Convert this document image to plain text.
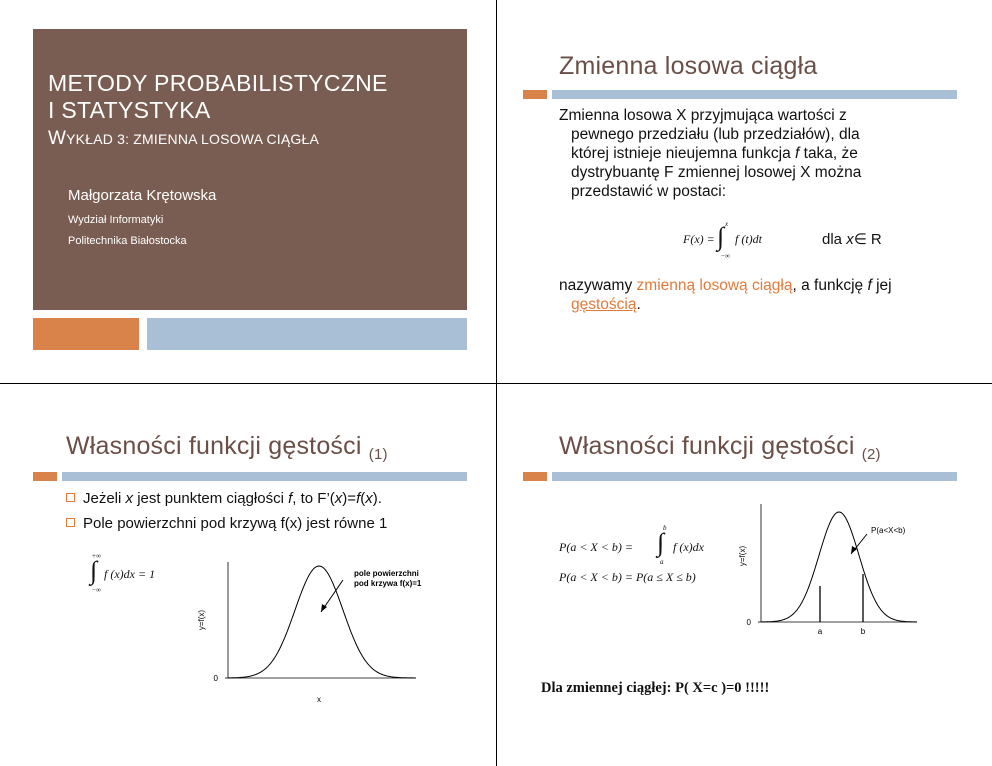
METODY PROBABILISTYCZNE
I STATYSTYKA
WYKŁAD 3: ZMIENNA LOSOWA CIĄGŁA
Małgorzata Krętowska
Wydział Informatyki
Politechnika Białostocka
Zmienna losowa ciągła
Zmienna losowa X przyjmująca wartości z
pewnego przedziału (lub przedziałów), dla
której istnieje nieujemna funkcja f taka, że
dystrybuantę F zmiennej losowej X można
przedstawić w postaci:
F(x) =
x
∫
−∞
f (t)dt	dla x∈ R
nazywamy zmienną losową ciągłą, a funkcję f jej
gęstością.
Własności funkcji gęstości $_{(1)}$
Jeżeli x jest punktem ciągłości f, to F’(x)=f(x).
Pole powierzchni pod krzywą f(x) jest równe 1
+∞
∫
−∞
f (x)dx = 1
0
x
y=f(x)
pole powierzchni
pod krzywa f(x)=1
Własności funkcji gęstości $_{(2)}$
P(a < X < b) =
b
∫
a
f (x)dx
P(a < X < b) = P(a ≤ X ≤ b)
0
a	b
y=f(x)
P(a<X<b)
Dla zmiennej ciągłej: P( X=c )=0 !!!!!
